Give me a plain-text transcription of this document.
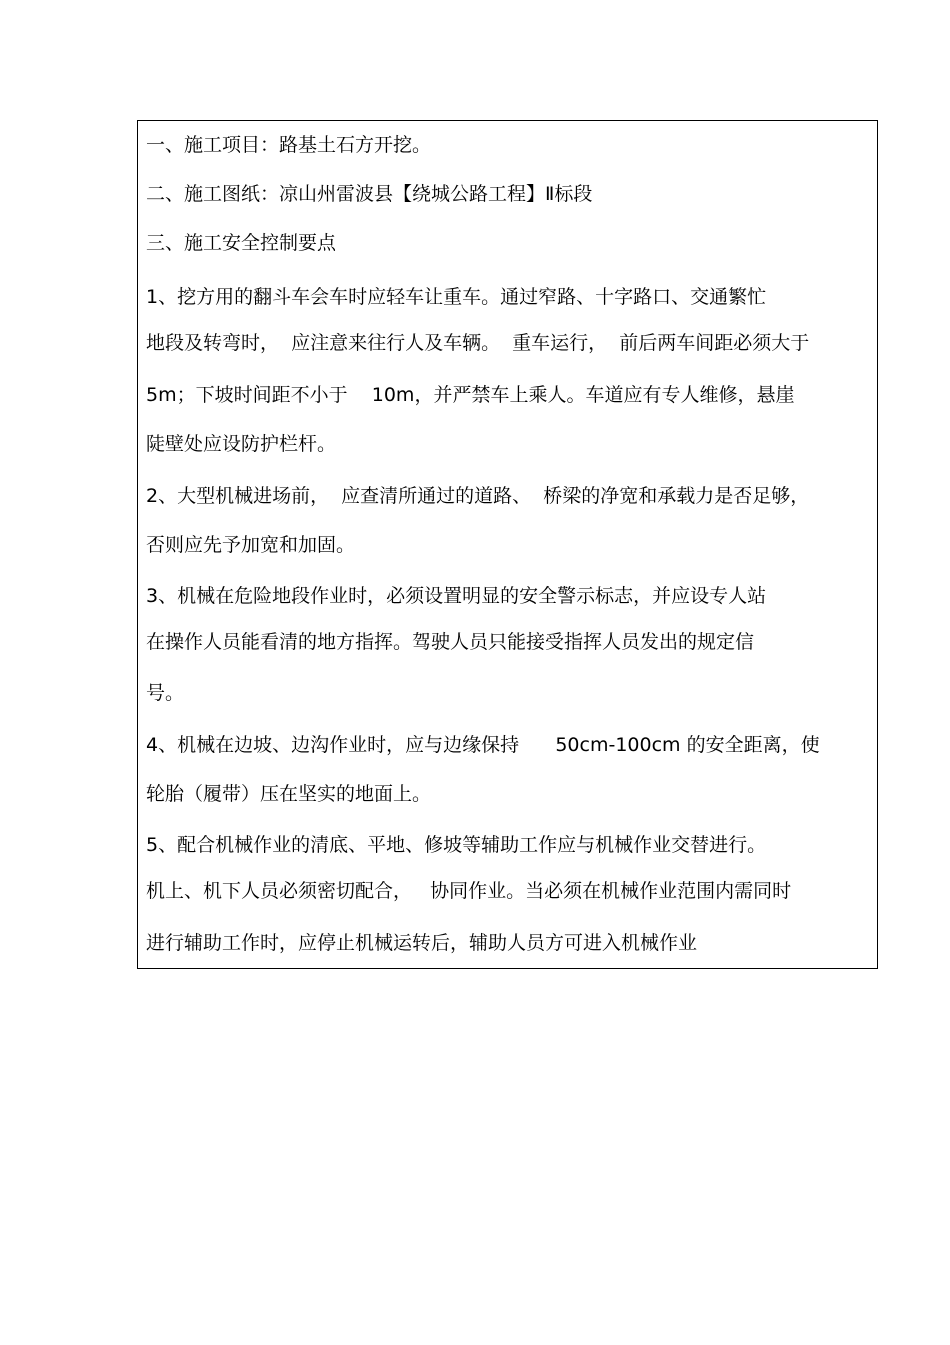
一、施工项目：路基土石方开挖。
二、施工图纸：凉山州雷波县【绕城公路工程】Ⅱ标段
三、施工安全控制要点
1、挖方用的翻斗车会车时应轻车让重车。通过窄路、十字路口、交通繁忙
地段及转弯时，  应注意来往行人及车辆。  重车运行，  前后两车间距必须大于
5m；下坡时间距不小于    10m，并严禁车上乘人。车道应有专人维修，悬崖
陡壁处应设防护栏杆。
2、大型机械进场前，  应查清所通过的道路、  桥梁的净宽和承载力是否足够，
否则应先予加宽和加固。
3、机械在危险地段作业时，必须设置明显的安全警示标志，并应设专人站
在操作人员能看清的地方指挥。驾驶人员只能接受指挥人员发出的规定信
号。
4、机械在边坡、边沟作业时，应与边缘保持      50cm-100cm 的安全距离，使
轮胎（履带）压在坚实的地面上。
5、配合机械作业的清底、平地、修坡等辅助工作应与机械作业交替进行。
机上、机下人员必须密切配合，   协同作业。当必须在机械作业范围内需同时
进行辅助工作时，应停止机械运转后，辅助人员方可进入机械作业
